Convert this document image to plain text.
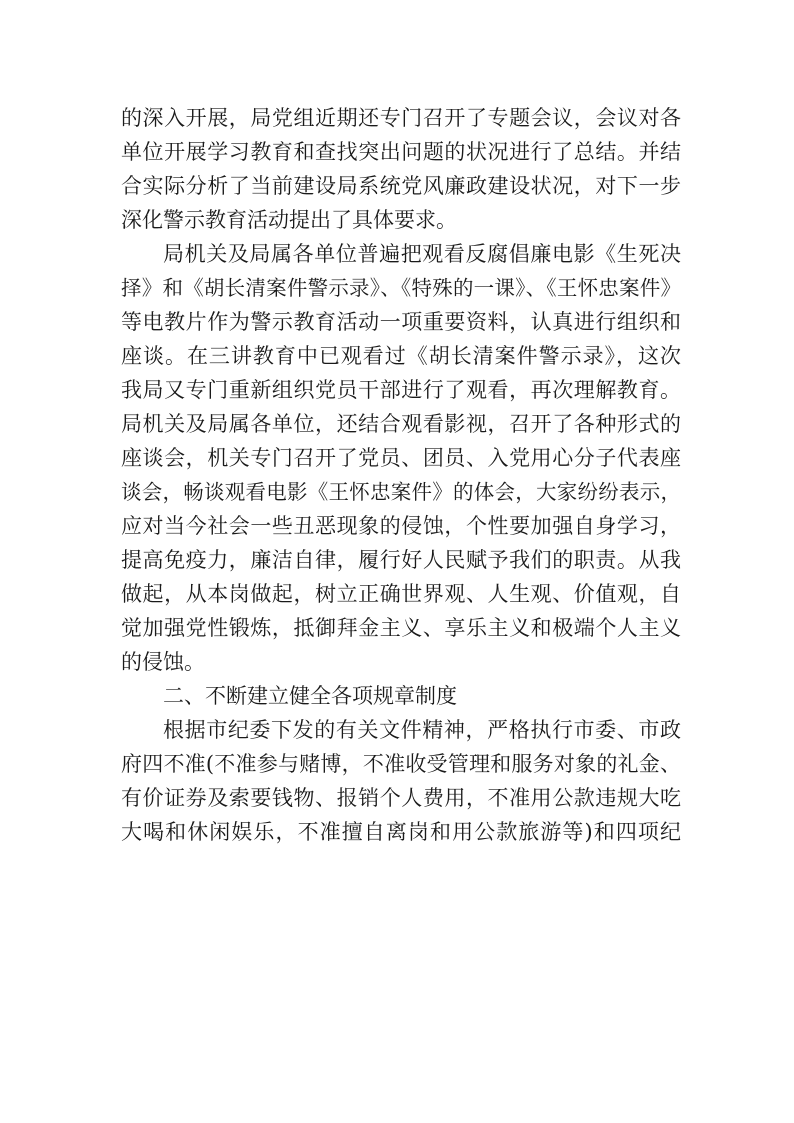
的深入开展，局党组近期还专门召开了专题会议，会议对各
单位开展学习教育和查找突出问题的状况进行了总结。并结
合实际分析了当前建设局系统党风廉政建设状况，对下一步
深化警示教育活动提出了具体要求。
局机关及局属各单位普遍把观看反腐倡廉电影《生死决
择》和《胡长清案件警示录》、《特殊的一课》、《王怀忠案件》
等电教片作为警示教育活动一项重要资料，认真进行组织和
座谈。在三讲教育中已观看过《胡长清案件警示录》，这次
我局又专门重新组织党员干部进行了观看，再次理解教育。
局机关及局属各单位，还结合观看影视，召开了各种形式的
座谈会，机关专门召开了党员、团员、入党用心分子代表座
谈会，畅谈观看电影《王怀忠案件》的体会，大家纷纷表示，
应对当今社会一些丑恶现象的侵蚀，个性要加强自身学习，
提高免疫力，廉洁自律，履行好人民赋予我们的职责。从我
做起，从本岗做起，树立正确世界观、人生观、价值观，自
觉加强党性锻炼，抵御拜金主义、享乐主义和极端个人主义
的侵蚀。
二、不断建立健全各项规章制度
根据市纪委下发的有关文件精神，严格执行市委、市政
府四不准(不准参与赌博，不准收受管理和服务对象的礼金、
有价证券及索要钱物、报销个人费用，不准用公款违规大吃
大喝和休闲娱乐，不准擅自离岗和用公款旅游等)和四项纪
